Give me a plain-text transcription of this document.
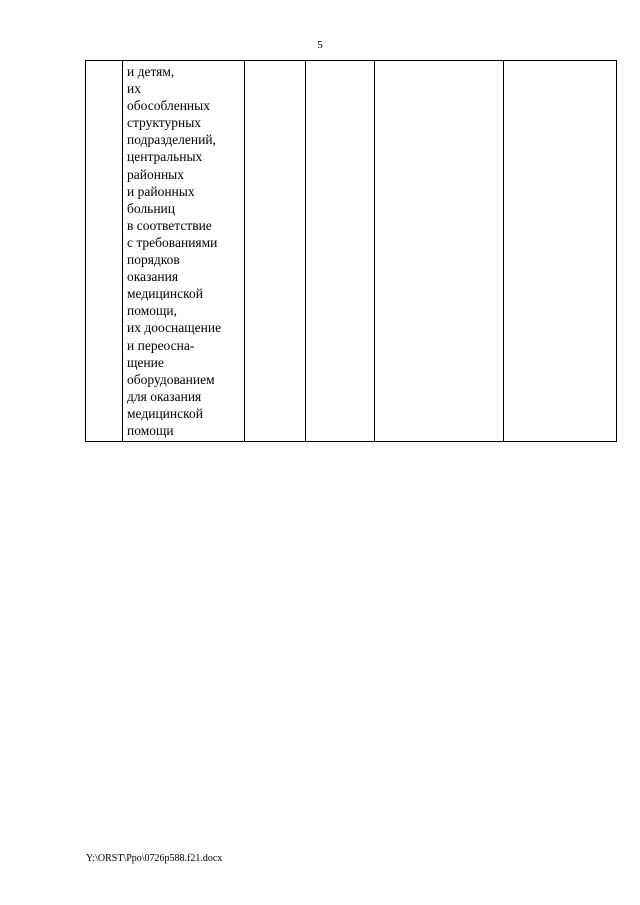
5

и детям,
их
обособленных
структурных
подразделений,
центральных
районных
и районных
больниц
в соответствие
с требованиями
порядков
оказания
медицинской
помощи,
их дооснащение
и переосна-
щение
оборудованием
для оказания
медицинской
помощи

Y:\ORST\Ppo\0726p588.f21.docx
